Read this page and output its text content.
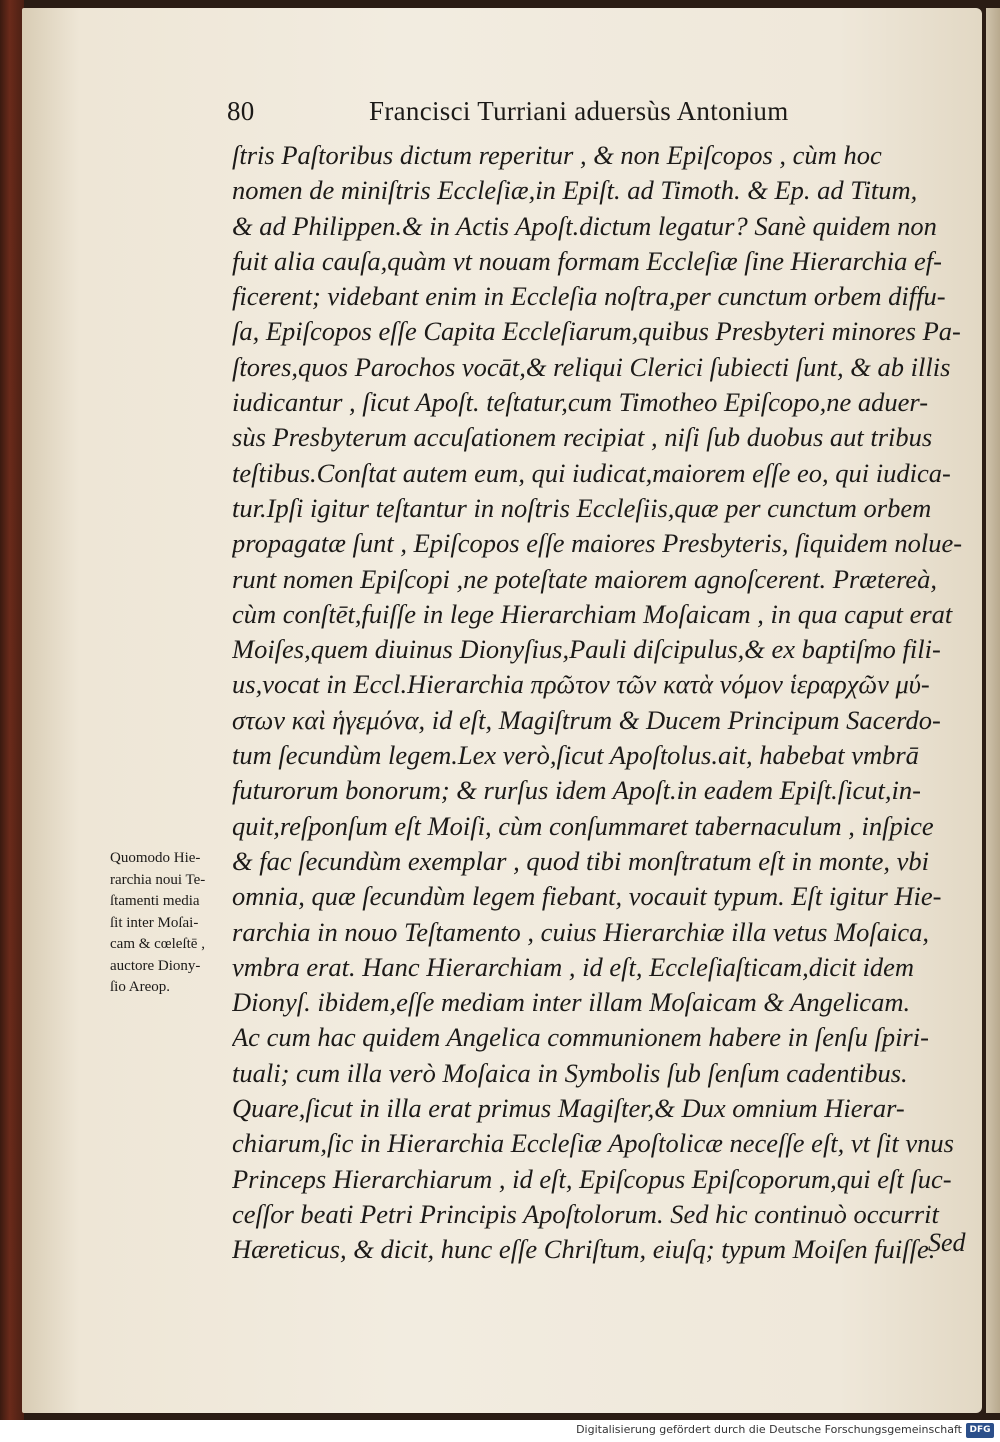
80	Francisci Turriani aduersùs Antonium
ſtris Paſtoribus dictum reperitur , & non Epiſcopos , cùm hoc
nomen de miniſtris Eccleſiæ,in Epiſt. ad Timoth. & Ep. ad Titum,
& ad Philippen.& in Actis Apoſt.dictum legatur? Sanè quidem non
fuit alia cauſa,quàm vt nouam formam Eccleſiæ ſine Hierarchia ef-
ficerent; videbant enim in Eccleſia noſtra,per cunctum orbem diffu-
ſa, Epiſcopos eſſe Capita Eccleſiarum,quibus Presbyteri minores Pa-
ſtores,quos Parochos vocāt,& reliqui Clerici ſubiecti ſunt, & ab illis
iudicantur , ſicut Apoſt. teſtatur,cum Timotheo Epiſcopo,ne aduer-
sùs Presbyterum accuſationem recipiat , niſi ſub duobus aut tribus
teſtibus.Conſtat autem eum, qui iudicat,maiorem eſſe eo, qui iudica-
tur.Ipſi igitur teſtantur in noſtris Eccleſiis,quæ per cunctum orbem
propagatæ ſunt , Epiſcopos eſſe maiores Presbyteris, ſiquidem nolue-
runt nomen Epiſcopi ,ne poteſtate maiorem agnoſcerent. Prætereà,
cùm conſtēt,fuiſſe in lege Hierarchiam Moſaicam , in qua caput erat
Moiſes,quem diuinus Dionyſius,Pauli diſcipulus,& ex baptiſmo fili-
us,vocat in Eccl.Hierarchia πρῶτον τῶν κατὰ νόμον ἱεραρχῶν μύ-
στων καὶ ἡγεμόνα, id eſt, Magiſtrum & Ducem Principum Sacerdo-
tum ſecundùm legem.Lex verò,ſicut Apoſtolus.ait, habebat vmbrā
futurorum bonorum; & rurſus idem Apoſt.in eadem Epiſt.ſicut,in-
quit,reſponſum eſt Moiſi, cùm conſummaret tabernaculum , inſpice
& fac ſecundùm exemplar , quod tibi monſtratum eſt in monte, vbi
omnia, quæ ſecundùm legem fiebant, vocauit typum. Eſt igitur Hie-
rarchia in nouo Teſtamento , cuius Hierarchiæ illa vetus Moſaica,
vmbra erat. Hanc Hierarchiam , id eſt, Eccleſiaſticam,dicit idem
Dionyſ. ibidem,eſſe mediam inter illam Moſaicam & Angelicam.
Ac cum hac quidem Angelica communionem habere in ſenſu ſpiri-
tuali; cum illa verò Moſaica in Symbolis ſub ſenſum cadentibus.
Quare,ſicut in illa erat primus Magiſter,& Dux omnium Hierar-
chiarum,ſic in Hierarchia Eccleſiæ Apoſtolicæ neceſſe eſt, vt ſit vnus
Princeps Hierarchiarum , id eſt, Epiſcopus Epiſcoporum,qui eſt ſuc-
ceſſor beati Petri Principis Apoſtolorum. Sed hic continuò occurrit
Hæreticus, & dicit, hunc eſſe Chriſtum, eiuſq; typum Moiſen fuiſſe.
Sed
Quomodo Hie-
rarchia noui Te-
ſtamenti media
ſit inter Moſai-
cam & cœleſtē ,
auctore Diony-
ſio Areop.
Digitalisierung gefördert durch die Deutsche Forschungsgemeinschaft DFG
